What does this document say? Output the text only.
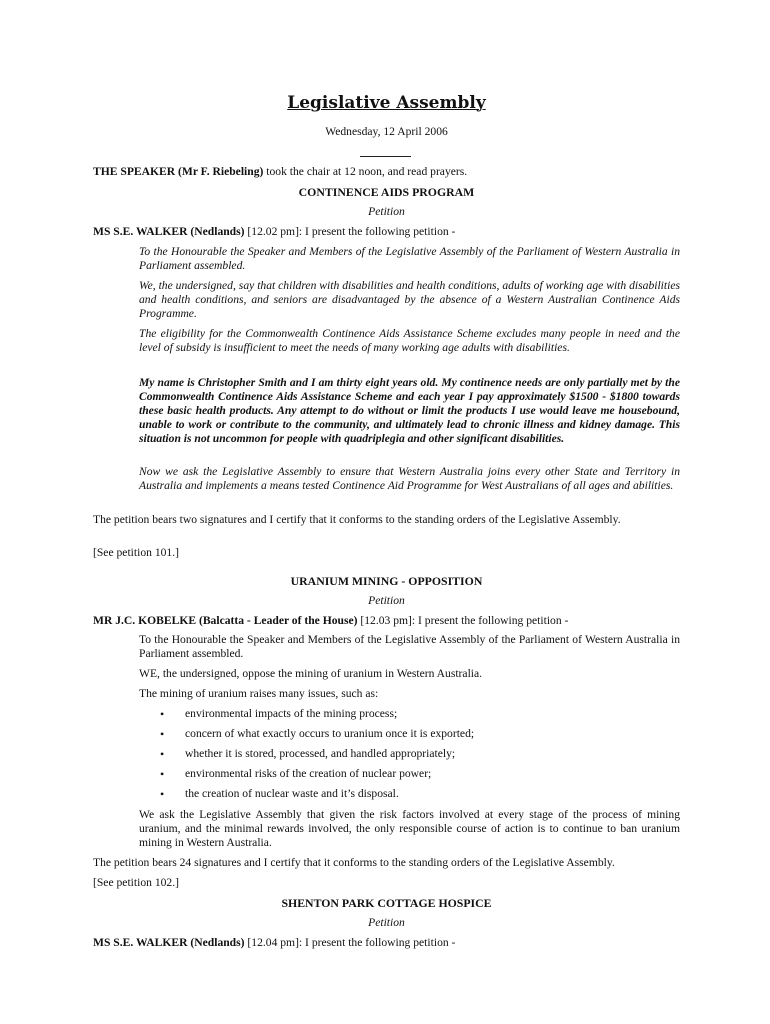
Legislative Assembly

Wednesday, 12 April 2006

THE SPEAKER (Mr F. Riebeling) took the chair at 12 noon, and read prayers.

CONTINENCE AIDS PROGRAM

Petition

MS S.E. WALKER (Nedlands) [12.02 pm]: I present the following petition -

To the Honourable the Speaker and Members of the Legislative Assembly of the Parliament of Western Australia in Parliament assembled.

We, the undersigned, say that children with disabilities and health conditions, adults of working age with disabilities and health conditions, and seniors are disadvantaged by the absence of a Western Australian Continence Aids Programme.

The eligibility for the Commonwealth Continence Aids Assistance Scheme excludes many people in need and the level of subsidy is insufficient to meet the needs of many working age adults with disabilities.

My name is Christopher Smith and I am thirty eight years old. My continence needs are only partially met by the Commonwealth Continence Aids Assistance Scheme and each year I pay approximately $1500 - $1800 towards these basic health products. Any attempt to do without or limit the products I use would leave me housebound, unable to work or contribute to the community, and ultimately lead to chronic illness and kidney damage. This situation is not uncommon for people with quadriplegia and other significant disabilities.

Now we ask the Legislative Assembly to ensure that Western Australia joins every other State and Territory in Australia and implements a means tested Continence Aid Programme for West Australians of all ages and abilities.

The petition bears two signatures and I certify that it conforms to the standing orders of the Legislative Assembly.

[See petition 101.]

URANIUM MINING - OPPOSITION

Petition

MR J.C. KOBELKE (Balcatta - Leader of the House) [12.03 pm]: I present the following petition -

To the Honourable the Speaker and Members of the Legislative Assembly of the Parliament of Western Australia in Parliament assembled.

WE, the undersigned, oppose the mining of uranium in Western Australia.

The mining of uranium raises many issues, such as:

• environmental impacts of the mining process;
• concern of what exactly occurs to uranium once it is exported;
• whether it is stored, processed, and handled appropriately;
• environmental risks of the creation of nuclear power;
• the creation of nuclear waste and it’s disposal.

We ask the Legislative Assembly that given the risk factors involved at every stage of the process of mining uranium, and the minimal rewards involved, the only responsible course of action is to continue to ban uranium mining in Western Australia.

The petition bears 24 signatures and I certify that it conforms to the standing orders of the Legislative Assembly.

[See petition 102.]

SHENTON PARK COTTAGE HOSPICE

Petition

MS S.E. WALKER (Nedlands) [12.04 pm]: I present the following petition -
